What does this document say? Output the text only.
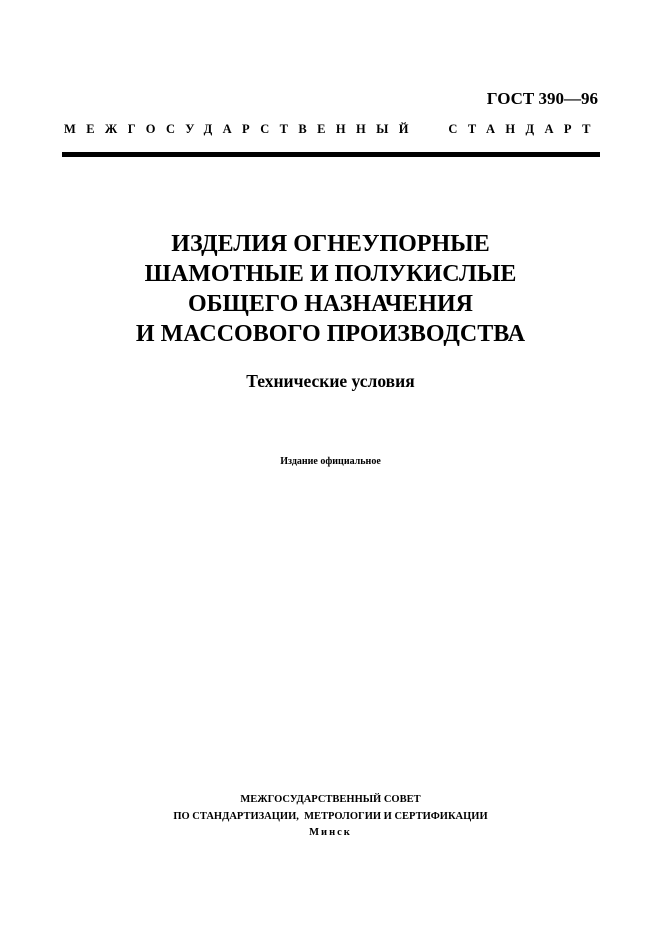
ГОСТ 390—96
МЕЖГОСУДАРСТВЕННЫЙ СТАНДАРТ
ИЗДЕЛИЯ ОГНЕУПОРНЫЕ
ШАМОТНЫЕ И ПОЛУКИСЛЫЕ
ОБЩЕГО НАЗНАЧЕНИЯ
И МАССОВОГО ПРОИЗВОДСТВА
Технические условия
Издание официальное
МЕЖГОСУДАРСТВЕННЫЙ СОВЕТ
ПО СТАНДАРТИЗАЦИИ,  МЕТРОЛОГИИ И СЕРТИФИКАЦИИ
Минск
